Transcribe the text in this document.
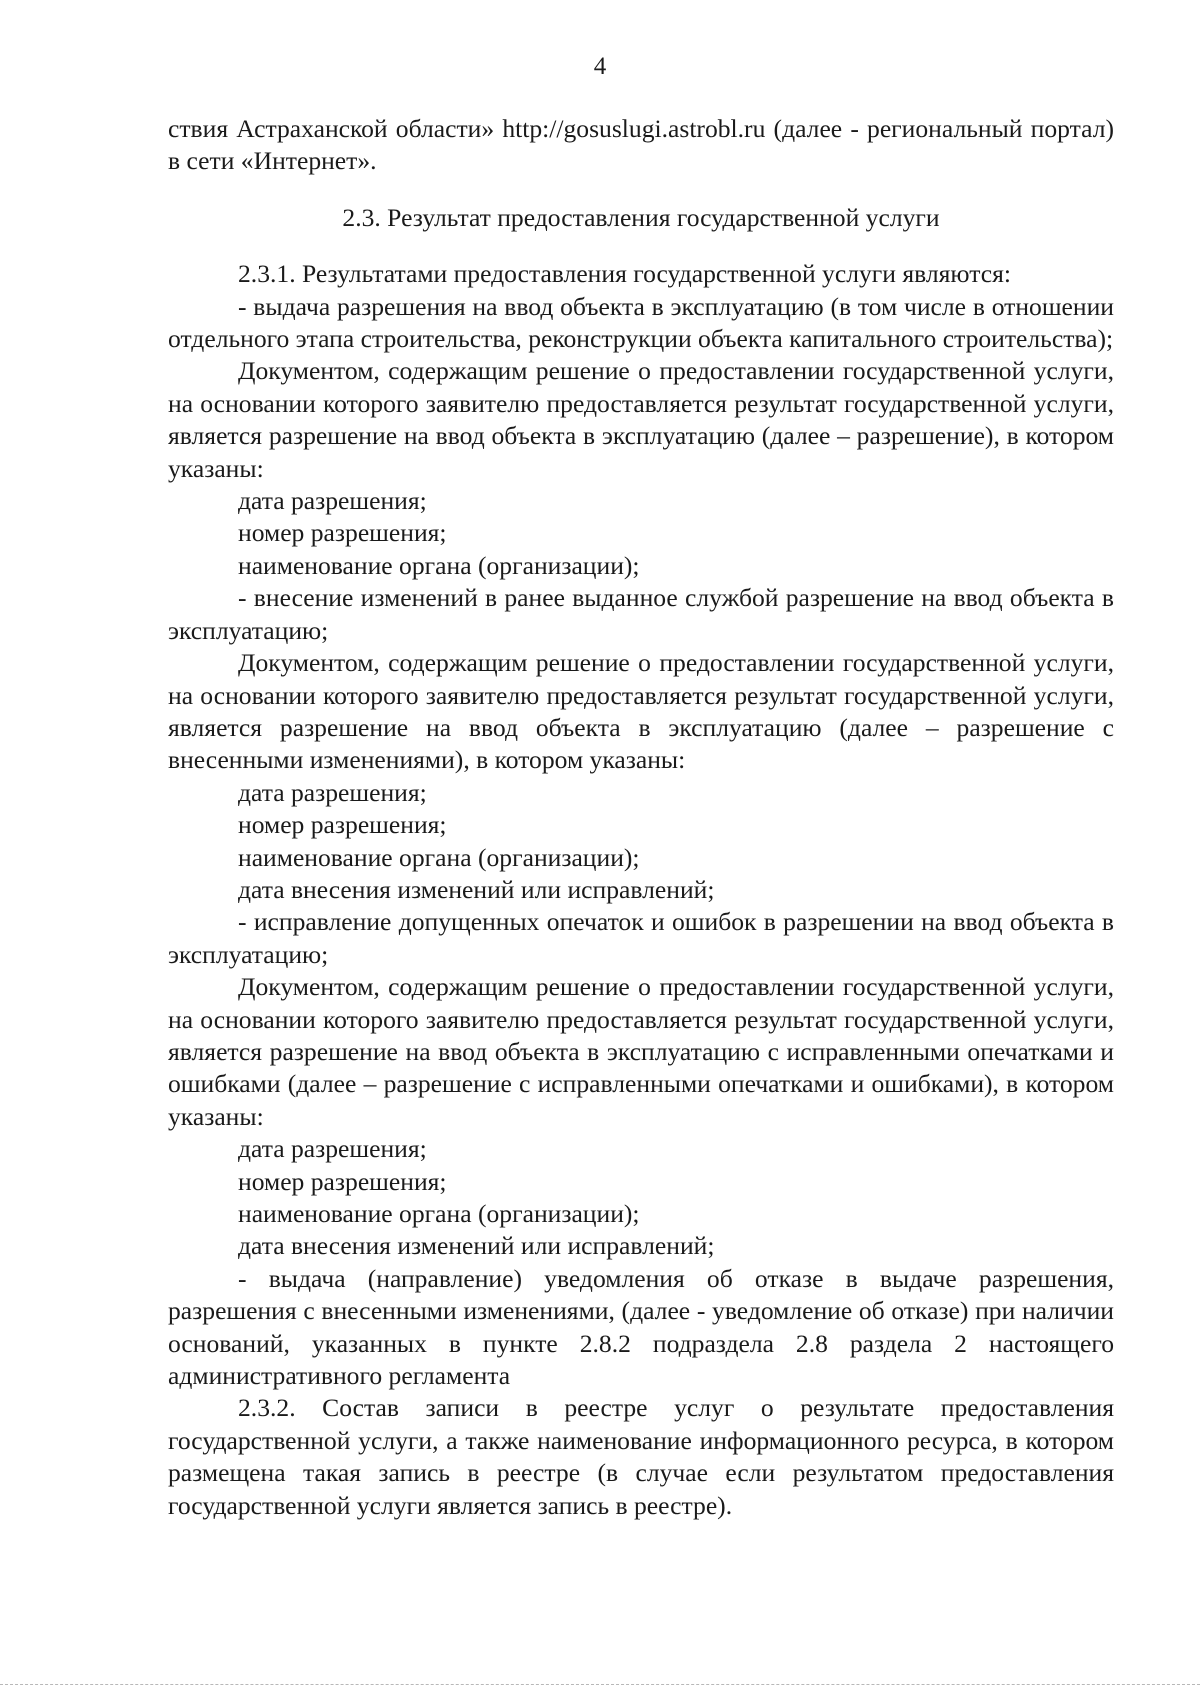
4

ствия Астраханской области» http://gosuslugi.astrobl.ru (далее - региональный портал) в сети «Интернет».

2.3. Результат предоставления государственной услуги

2.3.1. Результатами предоставления государственной услуги являются:

- выдача разрешения на ввод объекта в эксплуатацию (в том числе в отношении отдельного этапа строительства, реконструкции объекта капитального строительства);

Документом, содержащим решение о предоставлении государственной услуги, на основании которого заявителю предоставляется результат государственной услуги, является разрешение на ввод объекта в эксплуатацию (далее – разрешение), в котором указаны:

дата разрешения;

номер разрешения;

наименование органа (организации);

- внесение изменений в ранее выданное службой разрешение на ввод объекта в эксплуатацию;

Документом, содержащим решение о предоставлении государственной услуги, на основании которого заявителю предоставляется результат государственной услуги, является разрешение на ввод объекта в эксплуатацию (далее – разрешение с внесенными изменениями), в котором указаны:

дата разрешения;

номер разрешения;

наименование органа (организации);

дата внесения изменений или исправлений;

- исправление допущенных опечаток и ошибок в разрешении на ввод объекта в эксплуатацию;

Документом, содержащим решение о предоставлении государственной услуги, на основании которого заявителю предоставляется результат государственной услуги, является разрешение на ввод объекта в эксплуатацию с исправленными опечатками и ошибками (далее – разрешение с исправленными опечатками и ошибками), в котором указаны:

дата разрешения;

номер разрешения;

наименование органа (организации);

дата внесения изменений или исправлений;

- выдача (направление) уведомления об отказе в выдаче разрешения, разрешения с внесенными изменениями, (далее - уведомление об отказе) при наличии оснований, указанных в пункте 2.8.2 подраздела 2.8 раздела 2 настоящего административного регламента

2.3.2. Состав записи в реестре услуг о результате предоставления государственной услуги, а также наименование информационного ресурса, в котором размещена такая запись в реестре (в случае если результатом предоставления государственной услуги является запись в реестре).
